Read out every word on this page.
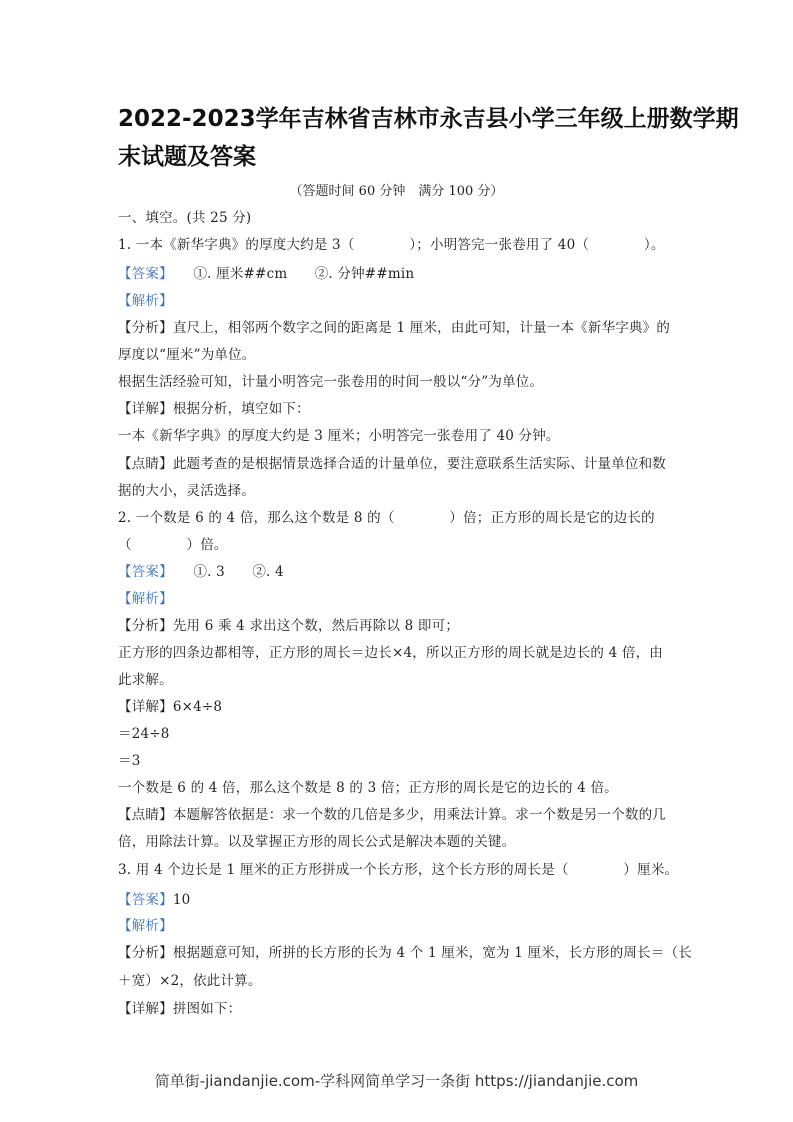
2022-2023学年吉林省吉林市永吉县小学三年级上册数学期
末试题及答案
（答题时间 60 分钟　满分 100 分）
一、填空。(共 25 分)
1. 一本《新华字典》的厚度大约是 3（　　　　）；小明答完一张卷用了 40（　　　　）。
【答案】　　①. 厘米##cm　　②. 分钟##min
【解析】
【分析】直尺上，相邻两个数字之间的距离是 1 厘米，由此可知，计量一本《新华字典》的
厚度以“厘米”为单位。
根据生活经验可知，计量小明答完一张卷用的时间一般以“分”为单位。
【详解】根据分析，填空如下：
一本《新华字典》的厚度大约是 3 厘米；小明答完一张卷用了 40 分钟。
【点睛】此题考查的是根据情景选择合适的计量单位，要注意联系生活实际、计量单位和数
据的大小，灵活选择。
2. 一个数是 6 的 4 倍，那么这个数是 8 的（　　　　）倍；正方形的周长是它的边长的
（　　　　）倍。
【答案】　　①. 3　　②. 4
【解析】
【分析】先用 6 乘 4 求出这个数，然后再除以 8 即可；
正方形的四条边都相等，正方形的周长＝边长×4，所以正方形的周长就是边长的 4 倍，由
此求解。
【详解】6×4÷8
＝24÷8
＝3
一个数是 6 的 4 倍，那么这个数是 8 的 3 倍；正方形的周长是它的边长的 4 倍。
【点睛】本题解答依据是：求一个数的几倍是多少，用乘法计算。求一个数是另一个数的几
倍，用除法计算。以及掌握正方形的周长公式是解决本题的关键。
3. 用 4 个边长是 1 厘米的正方形拼成一个长方形，这个长方形的周长是（　　　　）厘米。
【答案】10
【解析】
【分析】根据题意可知，所拼的长方形的长为 4 个 1 厘米，宽为 1 厘米，长方形的周长＝（长
＋宽）×2，依此计算。
【详解】拼图如下：
简单街-jiandanjie.com-学科网简单学习一条街 https://jiandanjie.com
